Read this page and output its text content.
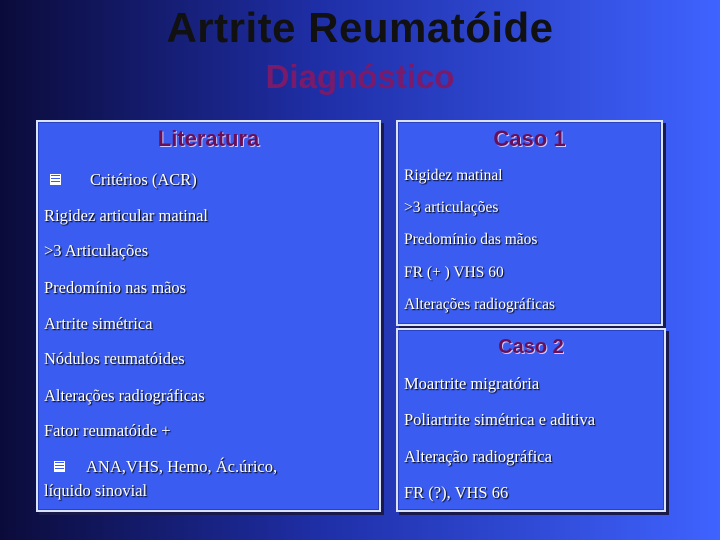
Artrite Reumatóide
Diagnóstico
Literatura
Critérios (ACR)
Rigidez articular matinal
>3 Articulações
Predomínio nas mãos
Artrite simétrica
Nódulos reumatóides
Alterações radiográficas
Fator reumatóide +
ANA,VHS, Hemo, Ác.úrico,
líquido sinovial
Caso 1
Rigidez matinal
>3 articulações
Predomínio das mãos
FR (+ ) VHS 60
Alterações radiográficas
Caso 2
Moartrite migratória
Poliartrite simétrica e aditiva
Alteração radiográfica
FR (?), VHS 66
